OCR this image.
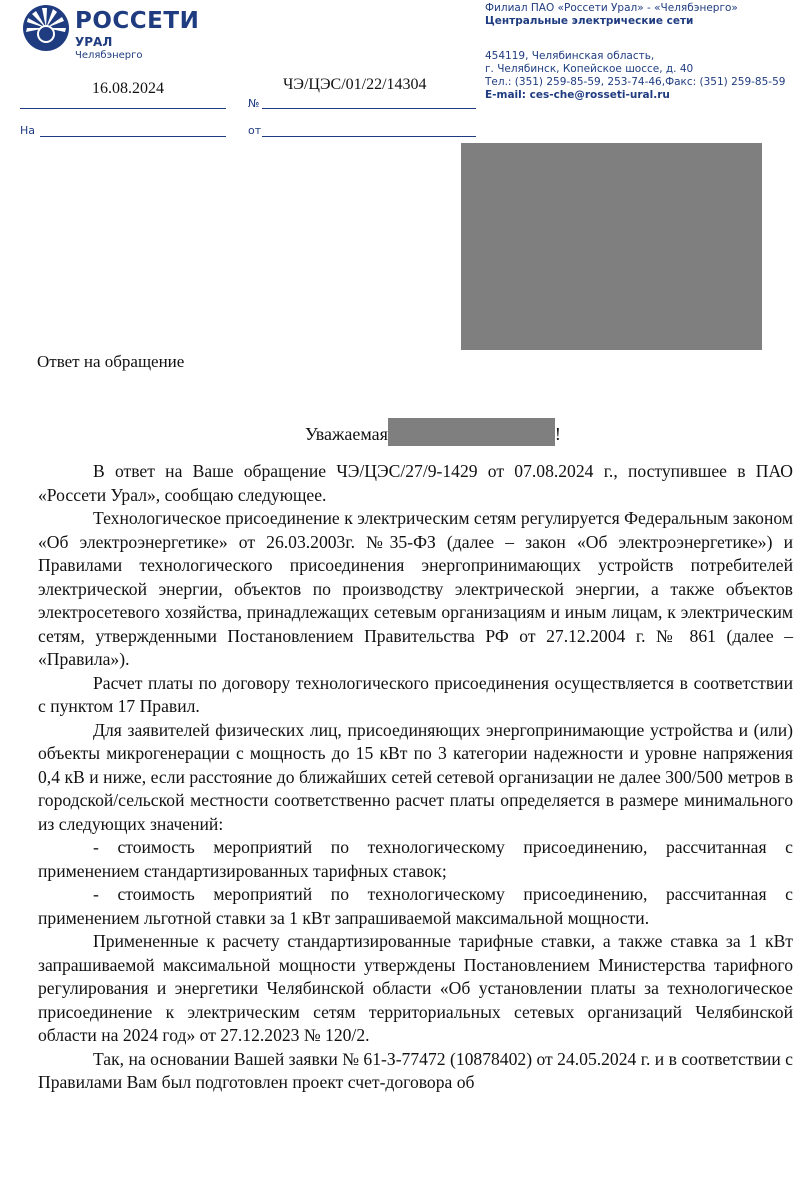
РОССЕТИ
УРАЛ
Челябэнерго
Филиал ПАО «Россети Урал» - «Челябэнерго»
Центральные электрические сети
454119, Челябинская область,
г. Челябинск, Копейское шоссе, д. 40
Тел.: (351) 259-85-59, 253-74-46,Факс: (351) 259-85-59
E-mail: ces-che@rosseti-ural.ru
16.08.2024
№
ЧЭ/ЦЭС/01/22/14304
На	от
Ответ на обращение
Уважаемая	!

В ответ на Ваше обращение ЧЭ/ЦЭС/27/9-1429 от 07.08.2024 г., поступившее в ПАО «Россети Урал», сообщаю следующее.

Технологическое присоединение к электрическим сетям регулируется Федеральным законом «Об электроэнергетике» от 26.03.2003г. №35-ФЗ (далее – закон «Об электроэнергетике») и Правилами технологического присоединения энергопринимающих устройств потребителей электрической энергии, объектов по производству электрической энергии, а также объектов электросетевого хозяйства, принадлежащих сетевым организациям и иным лицам, к электрическим сетям, утвержденными Постановлением Правительства РФ от 27.12.2004 г. № 861 (далее – «Правила»).

Расчет платы по договору технологического присоединения осуществляется в соответствии с пунктом 17 Правил.

Для заявителей физических лиц, присоединяющих энергопринимающие устройства и (или) объекты микрогенерации с мощность до 15 кВт по 3 категории надежности и уровне напряжения 0,4 кВ и ниже, если расстояние до ближайших сетей сетевой организации не далее 300/500 метров в городской/сельской местности соответственно расчет платы определяется в размере минимального из следующих значений:

- стоимость мероприятий по технологическому присоединению, рассчитанная с применением стандартизированных тарифных ставок;

- стоимость мероприятий по технологическому присоединению, рассчитанная с применением льготной ставки за 1 кВт запрашиваемой максимальной мощности.

Примененные к расчету стандартизированные тарифные ставки, а также ставка за 1 кВт запрашиваемой максимальной мощности утверждены Постановлением Министерства тарифного регулирования и энергетики Челябинской области «Об установлении платы за технологическое присоединение к электрическим сетям территориальных сетевых организаций Челябинской области на 2024 год» от 27.12.2023 № 120/2.

Так, на основании Вашей заявки № 61-З-77472 (10878402) от 24.05.2024 г. и в соответствии с Правилами Вам был подготовлен проект счет-договора об
